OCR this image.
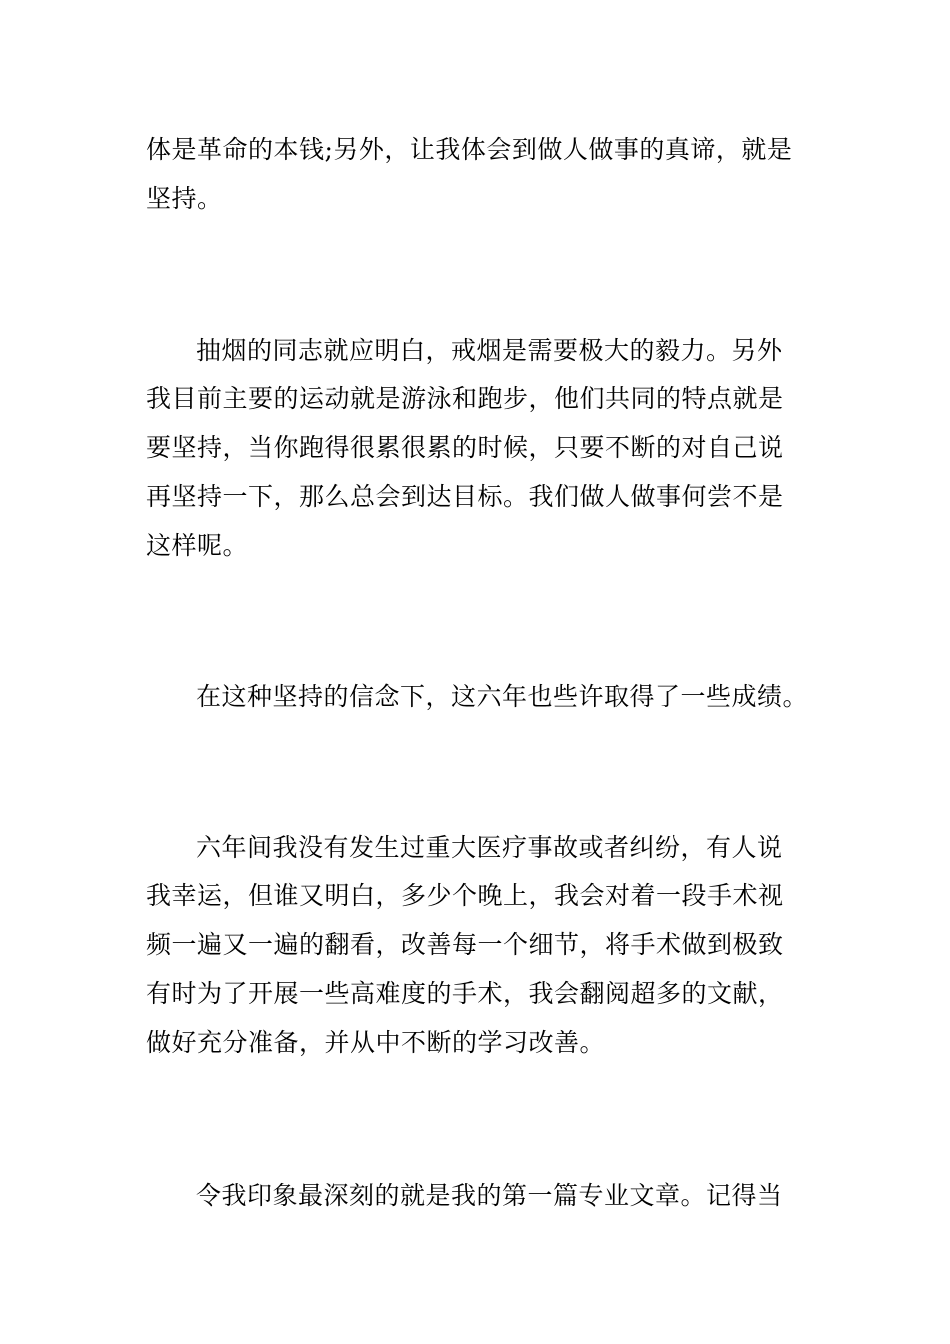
体是革命的本钱;另外，让我体会到做人做事的真谛，就是
坚持。
抽烟的同志就应明白，戒烟是需要极大的毅力。另外
我目前主要的运动就是游泳和跑步，他们共同的特点就是
要坚持，当你跑得很累很累的时候，只要不断的对自己说
再坚持一下，那么总会到达目标。我们做人做事何尝不是
这样呢。
在这种坚持的信念下，这六年也些许取得了一些成绩。
六年间我没有发生过重大医疗事故或者纠纷，有人说
我幸运，但谁又明白，多少个晚上，我会对着一段手术视
频一遍又一遍的翻看，改善每一个细节，将手术做到极致
有时为了开展一些高难度的手术，我会翻阅超多的文献，
做好充分准备，并从中不断的学习改善。
令我印象最深刻的就是我的第一篇专业文章。记得当
